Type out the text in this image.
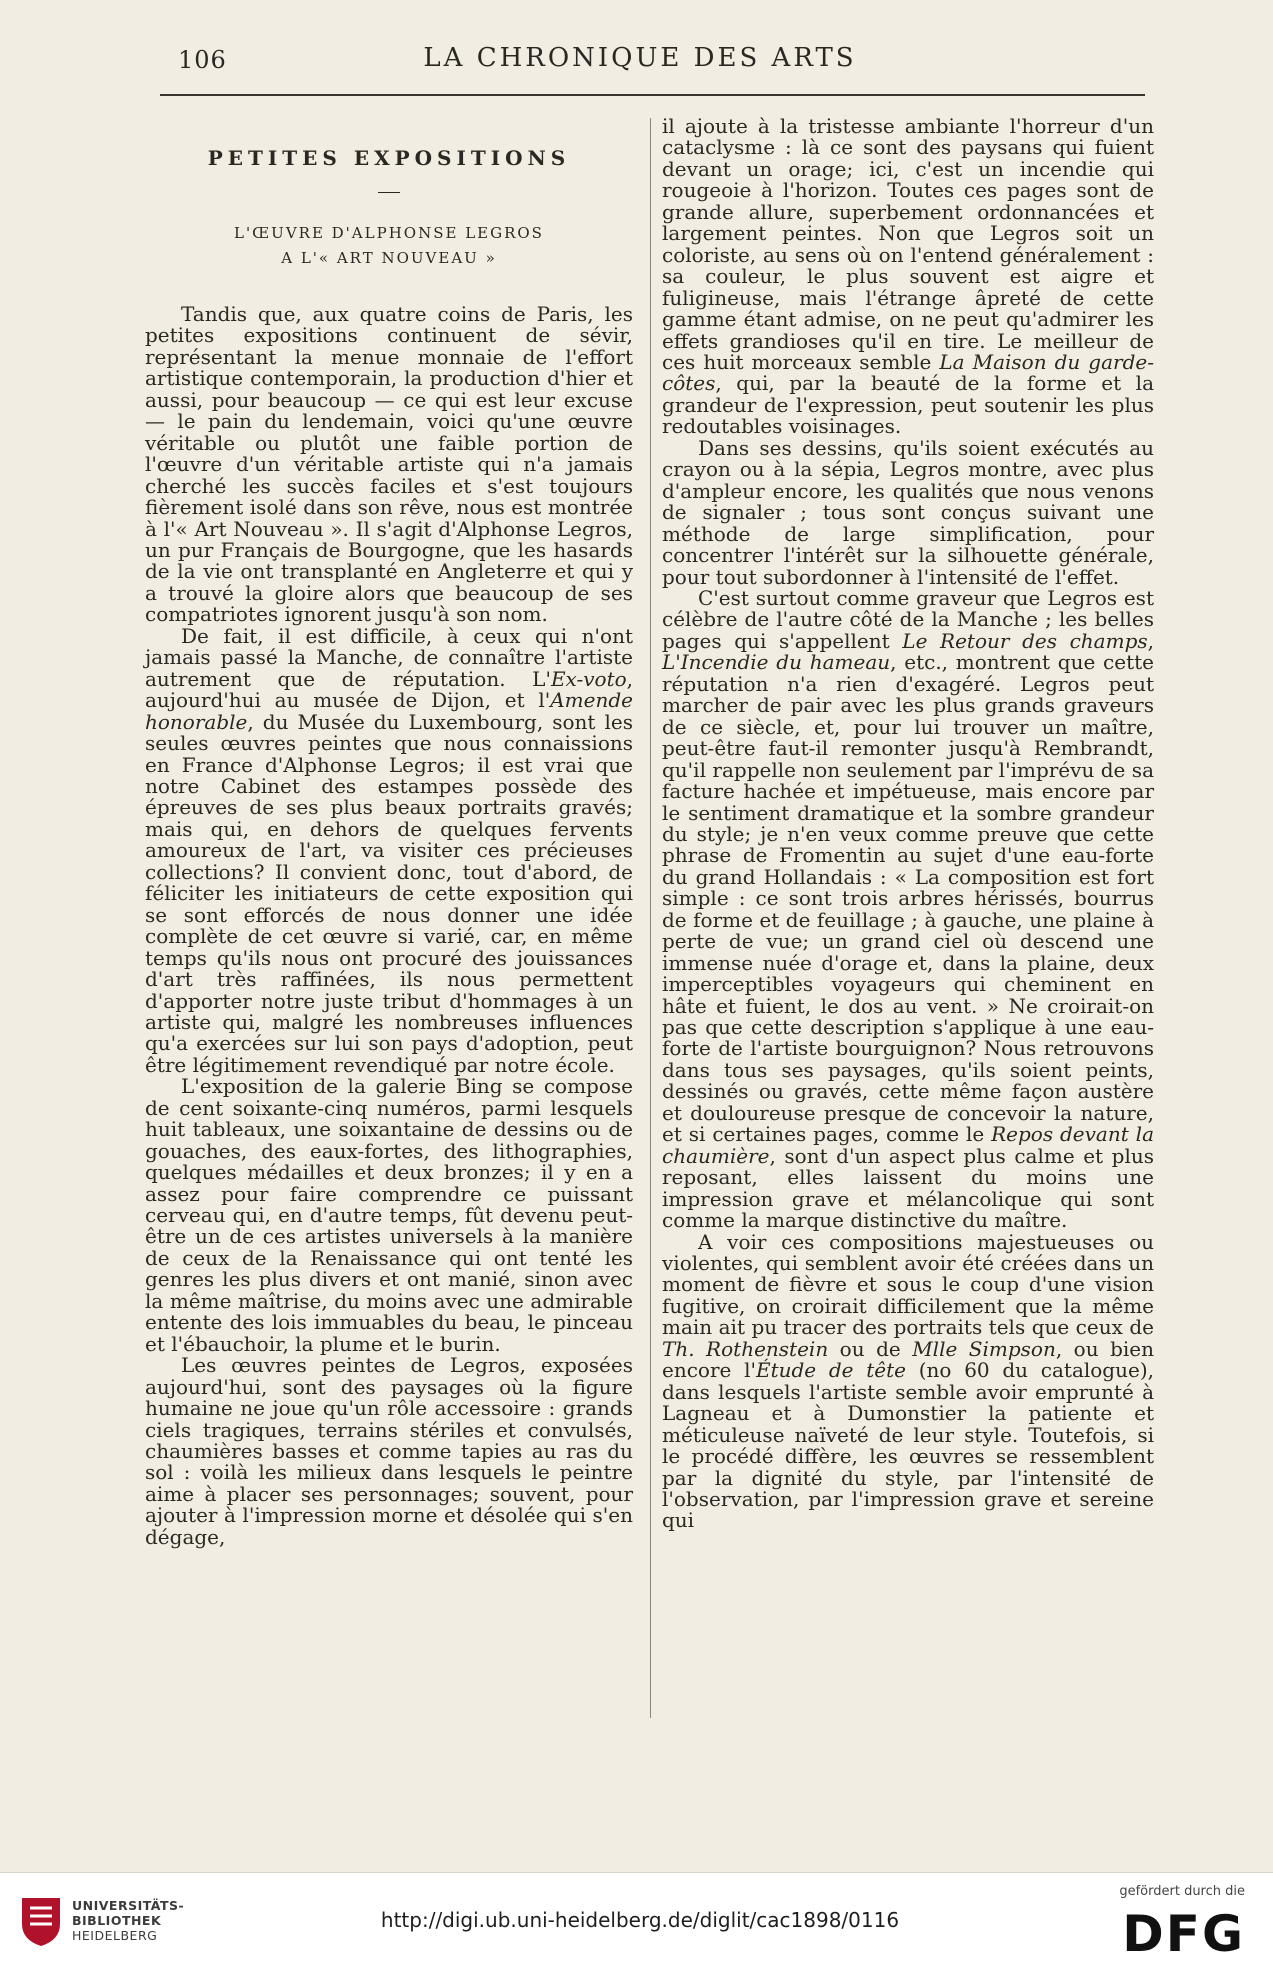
106	LA CHRONIQUE DES ARTS
PETITES EXPOSITIONS
L'ŒUVRE D'ALPHONSE LEGROS
A L'« ART NOUVEAU »

Tandis que, aux quatre coins de Paris, les petites expositions continuent de sévir, représentant la menue monnaie de l'effort artistique contemporain, la production d'hier et aussi, pour beaucoup — ce qui est leur excuse — le pain du lendemain, voici qu'une œuvre véritable ou plutôt une faible portion de l'œuvre d'un véritable artiste qui n'a jamais cherché les succès faciles et s'est toujours fièrement isolé dans son rêve, nous est montrée à l'« Art Nouveau ». Il s'agit d'Alphonse Legros, un pur Français de Bourgogne, que les hasards de la vie ont transplanté en Angleterre et qui y a trouvé la gloire alors que beaucoup de ses compatriotes ignorent jusqu'à son nom.

De fait, il est difficile, à ceux qui n'ont jamais passé la Manche, de connaître l'artiste autrement que de réputation. L'Ex-voto, aujourd'hui au musée de Dijon, et l'Amende honorable, du Musée du Luxembourg, sont les seules œuvres peintes que nous connaissions en France d'Alphonse Legros; il est vrai que notre Cabinet des estampes possède des épreuves de ses plus beaux portraits gravés; mais qui, en dehors de quelques fervents amoureux de l'art, va visiter ces précieuses collections? Il convient donc, tout d'abord, de féliciter les initiateurs de cette exposition qui se sont efforcés de nous donner une idée complète de cet œuvre si varié, car, en même temps qu'ils nous ont procuré des jouissances d'art très raffinées, ils nous permettent d'apporter notre juste tribut d'hommages à un artiste qui, malgré les nombreuses influences qu'a exercées sur lui son pays d'adoption, peut être légitimement revendiqué par notre école.

L'exposition de la galerie Bing se compose de cent soixante-cinq numéros, parmi lesquels huit tableaux, une soixantaine de dessins ou de gouaches, des eaux-fortes, des lithographies, quelques médailles et deux bronzes; il y en a assez pour faire comprendre ce puissant cerveau qui, en d'autre temps, fût devenu peut-être un de ces artistes universels à la manière de ceux de la Renaissance qui ont tenté les genres les plus divers et ont manié, sinon avec la même maîtrise, du moins avec une admirable entente des lois immuables du beau, le pinceau et l'ébauchoir, la plume et le burin.

Les œuvres peintes de Legros, exposées aujourd'hui, sont des paysages où la figure humaine ne joue qu'un rôle accessoire : grands ciels tragiques, terrains stériles et convulsés, chaumières basses et comme tapies au ras du sol : voilà les milieux dans lesquels le peintre aime à placer ses personnages; souvent, pour ajouter à l'impression morne et désolée qui s'en dégage,

il ajoute à la tristesse ambiante l'horreur d'un cataclysme : là ce sont des paysans qui fuient devant un orage; ici, c'est un incendie qui rougeoie à l'horizon. Toutes ces pages sont de grande allure, superbement ordonnancées et largement peintes. Non que Legros soit un coloriste, au sens où on l'entend généralement : sa couleur, le plus souvent est aigre et fuligineuse, mais l'étrange âpreté de cette gamme étant admise, on ne peut qu'admirer les effets grandioses qu'il en tire. Le meilleur de ces huit morceaux semble La Maison du garde-côtes, qui, par la beauté de la forme et la grandeur de l'expression, peut soutenir les plus redoutables voisinages.

Dans ses dessins, qu'ils soient exécutés au crayon ou à la sépia, Legros montre, avec plus d'ampleur encore, les qualités que nous venons de signaler ; tous sont conçus suivant une méthode de large simplification, pour concentrer l'intérêt sur la silhouette générale, pour tout subordonner à l'intensité de l'effet.

C'est surtout comme graveur que Legros est célèbre de l'autre côté de la Manche ; les belles pages qui s'appellent Le Retour des champs, L'Incendie du hameau, etc., montrent que cette réputation n'a rien d'exagéré. Legros peut marcher de pair avec les plus grands graveurs de ce siècle, et, pour lui trouver un maître, peut-être faut-il remonter jusqu'à Rembrandt, qu'il rappelle non seulement par l'imprévu de sa facture hachée et impétueuse, mais encore par le sentiment dramatique et la sombre grandeur du style; je n'en veux comme preuve que cette phrase de Fromentin au sujet d'une eau-forte du grand Hollandais : « La composition est fort simple : ce sont trois arbres hérissés, bourrus de forme et de feuillage ; à gauche, une plaine à perte de vue; un grand ciel où descend une immense nuée d'orage et, dans la plaine, deux imperceptibles voyageurs qui cheminent en hâte et fuient, le dos au vent. » Ne croirait-on pas que cette description s'applique à une eau-forte de l'artiste bourguignon? Nous retrouvons dans tous ses paysages, qu'ils soient peints, dessinés ou gravés, cette même façon austère et douloureuse presque de concevoir la nature, et si certaines pages, comme le Repos devant la chaumière, sont d'un aspect plus calme et plus reposant, elles laissent du moins une impression grave et mélancolique qui sont comme la marque distinctive du maître.

A voir ces compositions majestueuses ou violentes, qui semblent avoir été créées dans un moment de fièvre et sous le coup d'une vision fugitive, on croirait difficilement que la même main ait pu tracer des portraits tels que ceux de Th. Rothenstein ou de Mlle Simpson, ou bien encore l'Étude de tête (no 60 du catalogue), dans lesquels l'artiste semble avoir emprunté à Lagneau et à Dumonstier la patiente et méticuleuse naïveté de leur style. Toutefois, si le procédé diffère, les œuvres se ressemblent par la dignité du style, par l'intensité de l'observation, par l'impression grave et sereine qui

UNIVERSITÄTS-
BIBLIOTHEK
HEIDELBERG
http://digi.ub.uni-heidelberg.de/diglit/cac1898/0116
gefördert durch die
DFG
